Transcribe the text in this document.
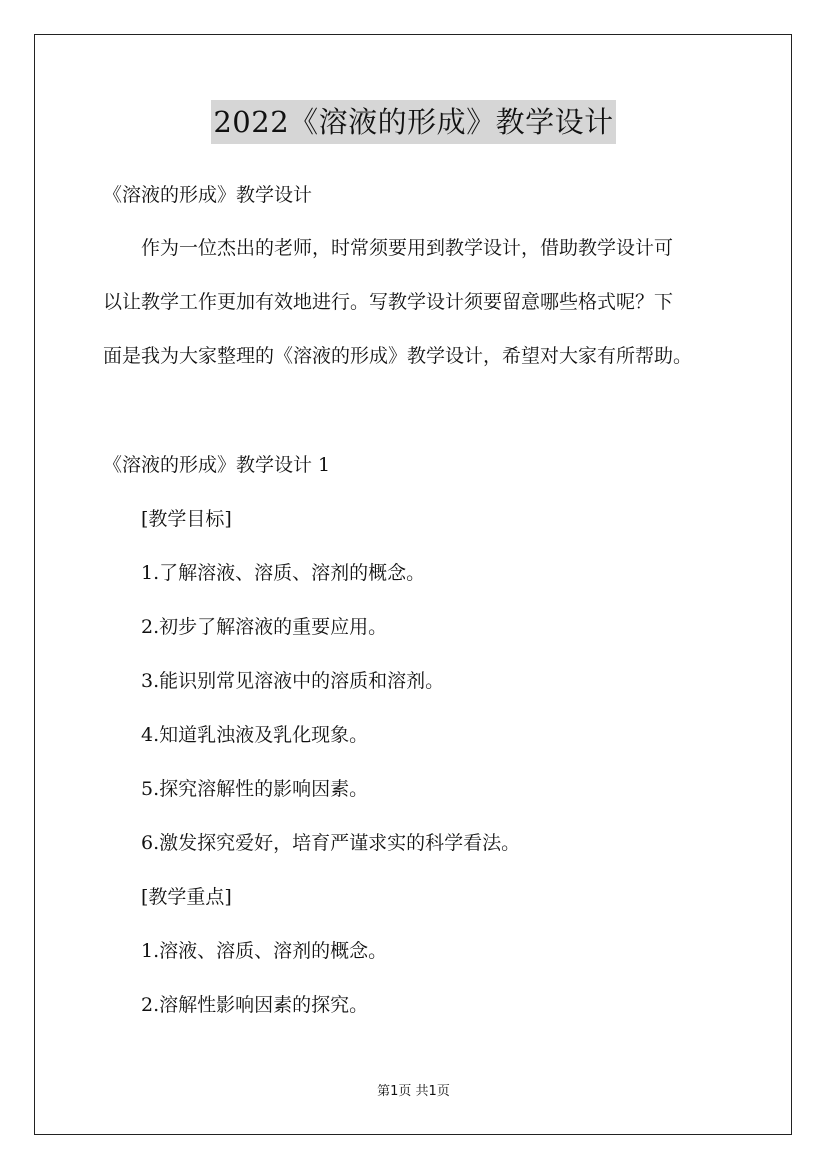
2022《溶液的形成》教学设计
《溶液的形成》教学设计
作为一位杰出的老师，时常须要用到教学设计，借助教学设计可
以让教学工作更加有效地进行。写教学设计须要留意哪些格式呢？下
面是我为大家整理的《溶液的形成》教学设计，希望对大家有所帮助。
《溶液的形成》教学设计 1
[教学目标]
1.了解溶液、溶质、溶剂的概念。
2.初步了解溶液的重要应用。
3.能识别常见溶液中的溶质和溶剂。
4.知道乳浊液及乳化现象。
5.探究溶解性的影响因素。
6.激发探究爱好，培育严谨求实的科学看法。
[教学重点]
1.溶液、溶质、溶剂的概念。
2.溶解性影响因素的探究。
第1页 共1页
